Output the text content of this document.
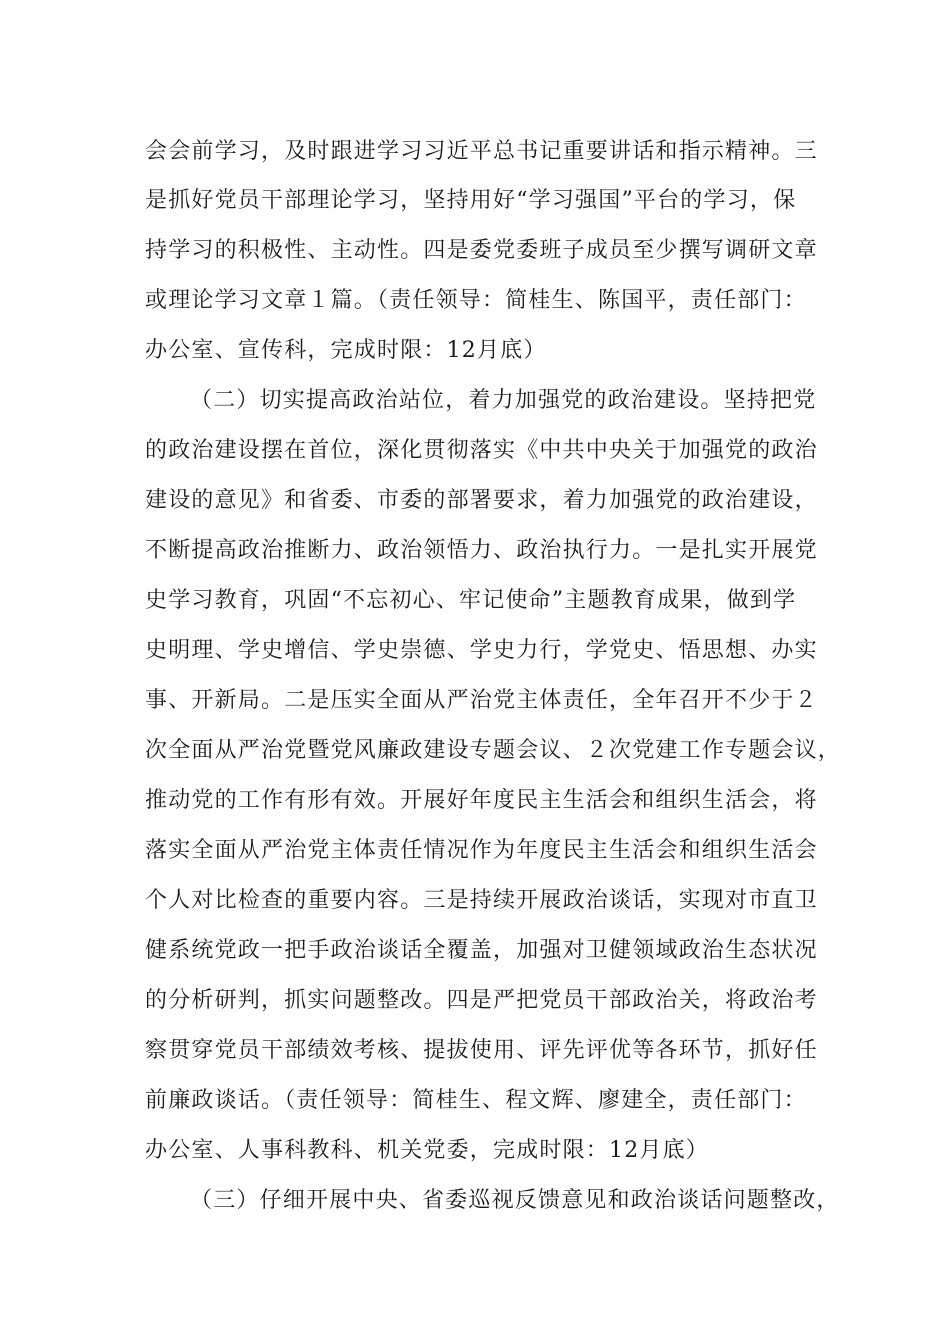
会会前学习，及时跟进学习习近平总书记重要讲话和指示精神。三
是抓好党员干部理论学习，坚持用好“学习强国”平台的学习，保
持学习的积极性、主动性。四是委党委班子成员至少撰写调研文章
或理论学习文章１篇。（责任领导：简桂生、陈国平，责任部门：
办公室、宣传科，完成时限：12月底）
（二）切实提高政治站位，着力加强党的政治建设。坚持把党
的政治建设摆在首位，深化贯彻落实《中共中央关于加强党的政治
建设的意见》和省委、市委的部署要求，着力加强党的政治建设，
不断提高政治推断力、政治领悟力、政治执行力。一是扎实开展党
史学习教育，巩固“不忘初心、牢记使命”主题教育成果，做到学
史明理、学史增信、学史崇德、学史力行，学党史、悟思想、办实
事、开新局。二是压实全面从严治党主体责任，全年召开不少于２
次全面从严治党暨党风廉政建设专题会议、２次党建工作专题会议，
推动党的工作有形有效。开展好年度民主生活会和组织生活会，将
落实全面从严治党主体责任情况作为年度民主生活会和组织生活会
个人对比检查的重要内容。三是持续开展政治谈话，实现对市直卫
健系统党政一把手政治谈话全覆盖，加强对卫健领域政治生态状况
的分析研判，抓实问题整改。四是严把党员干部政治关，将政治考
察贯穿党员干部绩效考核、提拔使用、评先评优等各环节，抓好任
前廉政谈话。（责任领导：简桂生、程文辉、廖建全，责任部门：
办公室、人事科教科、机关党委，完成时限：12月底）
（三）仔细开展中央、省委巡视反馈意见和政治谈话问题整改，
